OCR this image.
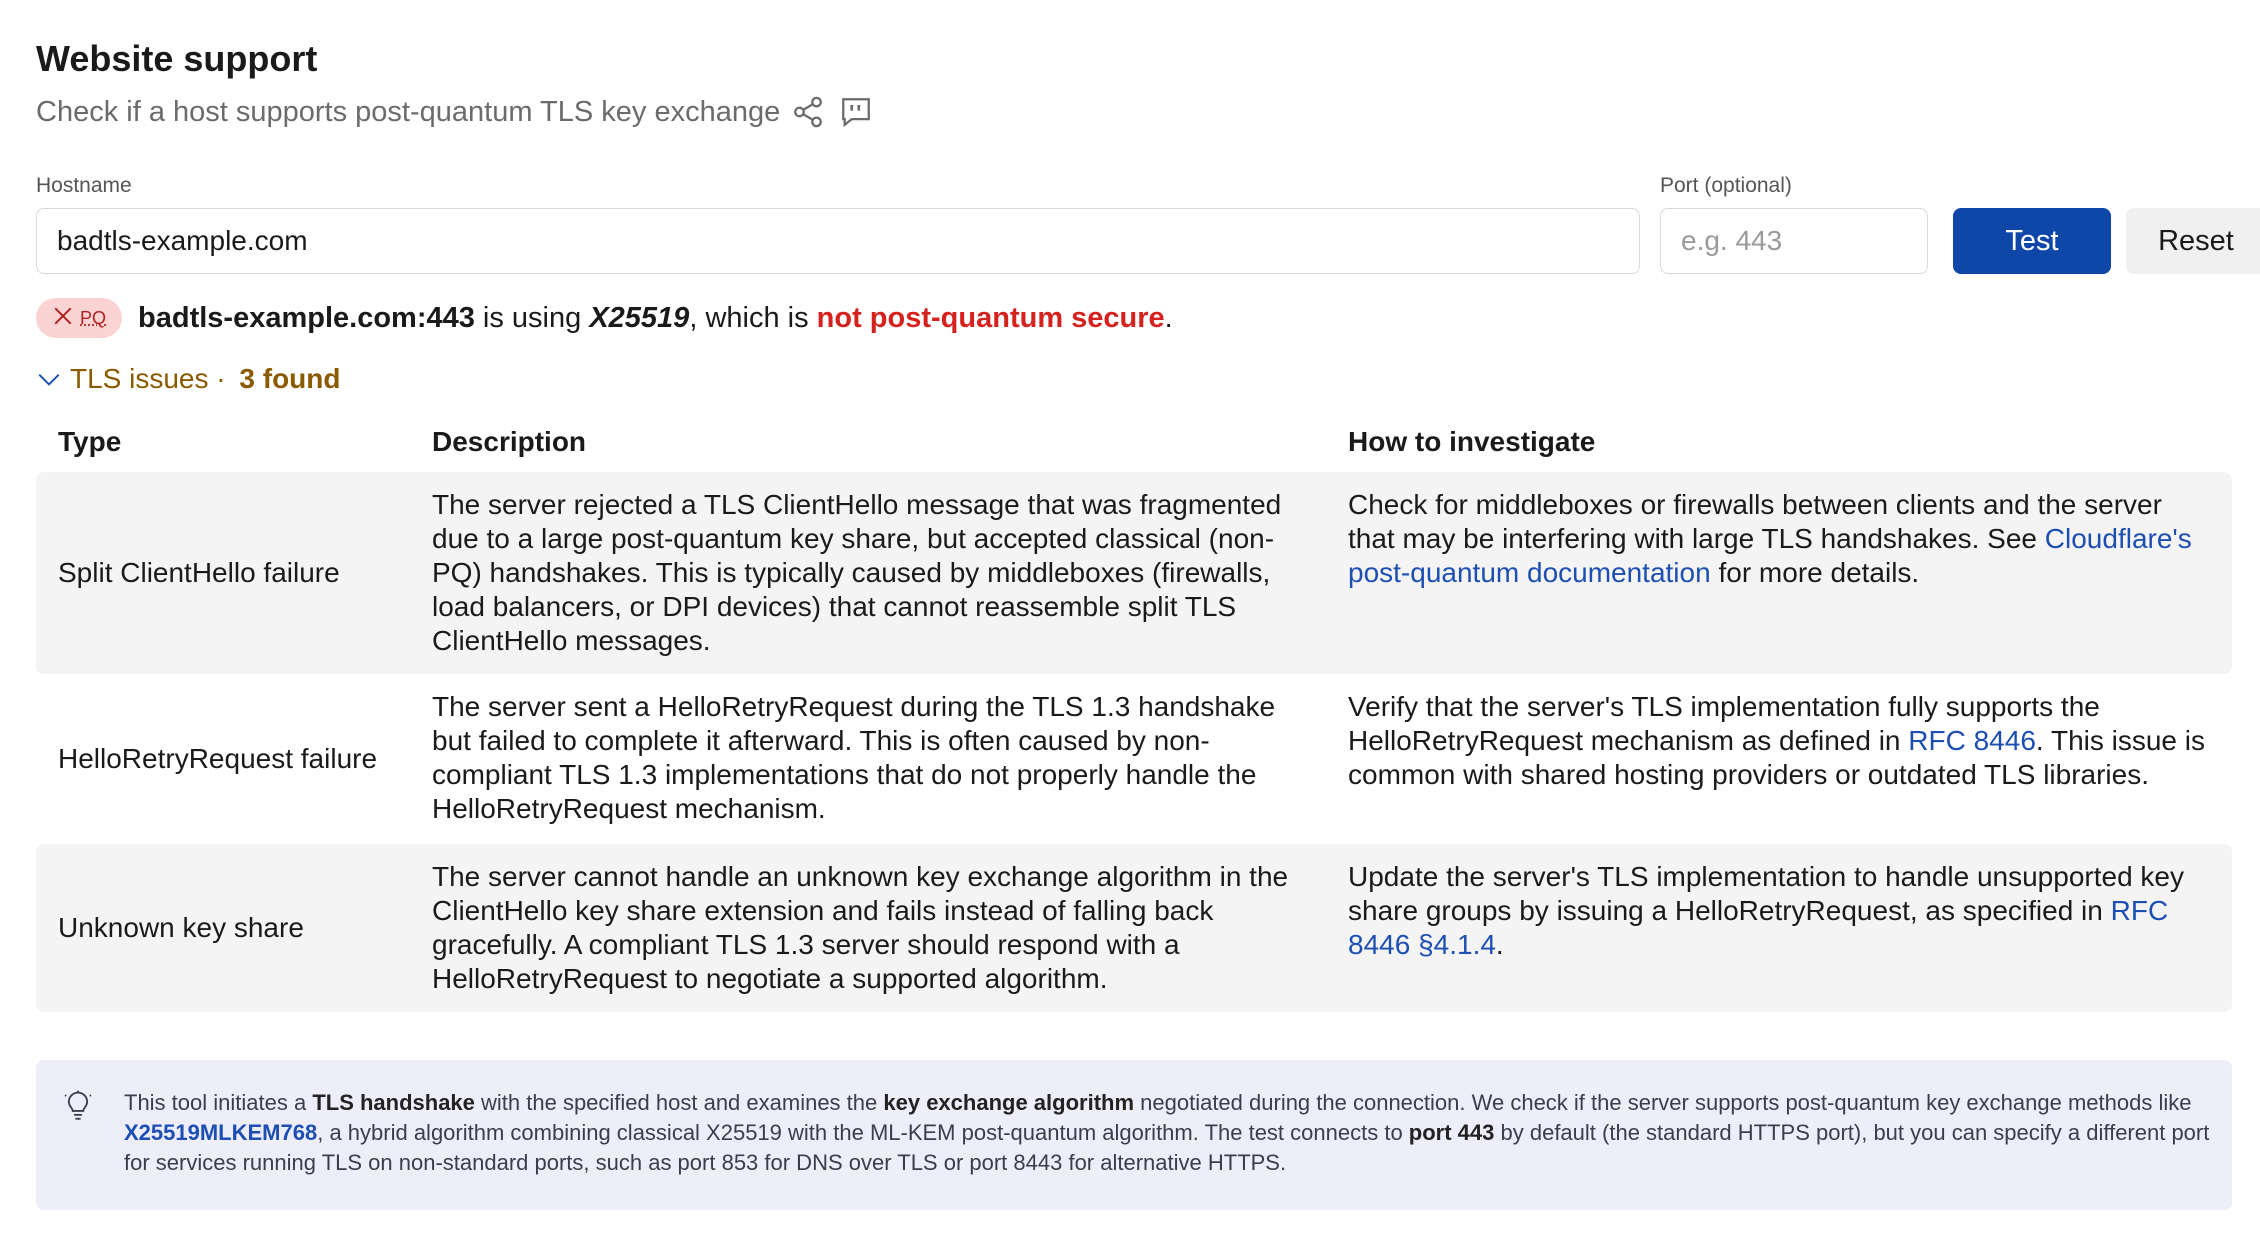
Website support
Check if a host supports post-quantum TLS key exchange
Hostname	Port (optional)
badtls-example.com	e.g. 443	Test	Reset
PQ badtls-example.com:443 is using X25519 , which is not post-quantum secure .
TLS issues · 3 found
Type	Description	How to investigate

Split ClientHello failure	The server rejected a TLS ClientHello message that was fragmented due to a large post-quantum key share, but accepted classical (non-PQ) handshakes. This is typically caused by middleboxes (firewalls, load balancers, or DPI devices) that cannot reassemble split TLS ClientHello messages.	Check for middleboxes or firewalls between clients and the server that may be interfering with large TLS handshakes. See Cloudflare's post-quantum documentation for more details.

HelloRetryRequest failure	The server sent a HelloRetryRequest during the TLS 1.3 handshake but failed to complete it afterward. This is often caused by non-compliant TLS 1.3 implementations that do not properly handle the HelloRetryRequest mechanism.	Verify that the server's TLS implementation fully supports the HelloRetryRequest mechanism as defined in RFC 8446. This issue is common with shared hosting providers or outdated TLS libraries.

Unknown key share	The server cannot handle an unknown key exchange algorithm in the ClientHello key share extension and fails instead of falling back gracefully. A compliant TLS 1.3 server should respond with a HelloRetryRequest to negotiate a supported algorithm.	Update the server's TLS implementation to handle unsupported key share groups by issuing a HelloRetryRequest, as specified in RFC 8446 §4.1.4.
This tool initiates a TLS handshake with the specified host and examines the key exchange algorithm negotiated during the connection. We check if the server supports post-quantum key exchange methods like X25519MLKEM768, a hybrid algorithm combining classical X25519 with the ML-KEM post-quantum algorithm. The test connects to port 443 by default (the standard HTTPS port), but you can specify a different port for services running TLS on non-standard ports, such as port 853 for DNS over TLS or port 8443 for alternative HTTPS.
